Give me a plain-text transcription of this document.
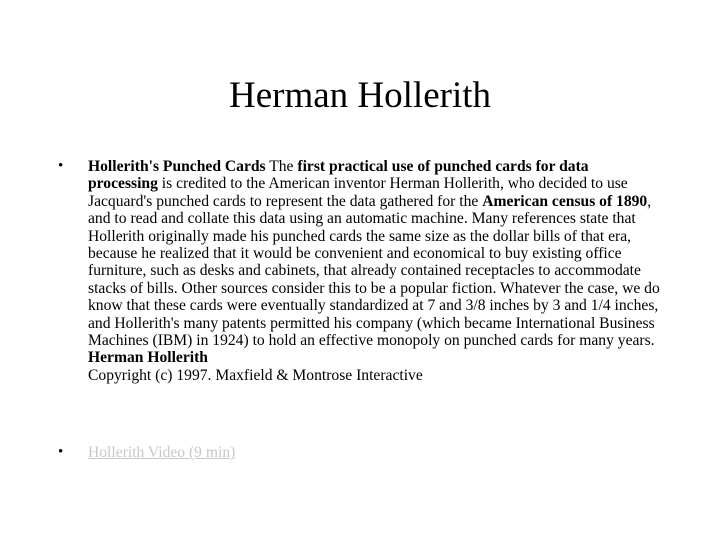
Herman Hollerith
• Hollerith's Punched Cards The first practical use of punched cards for data processing is credited to the American inventor Herman Hollerith, who decided to use Jacquard's punched cards to represent the data gathered for the American census of 1890, and to read and collate this data using an automatic machine. Many references state that Hollerith originally made his punched cards the same size as the dollar bills of that era, because he realized that it would be convenient and economical to buy existing office furniture, such as desks and cabinets, that already contained receptacles to accommodate stacks of bills. Other sources consider this to be a popular fiction. Whatever the case, we do know that these cards were eventually standardized at 7 and 3/8 inches by 3 and 1/4 inches, and Hollerith's many patents permitted his company (which became International Business Machines (IBM) in 1924) to hold an effective monopoly on punched cards for many years.

Herman Hollerith

Copyright (c) 1997. Maxfield & Montrose Interactive

• Hollerith Video (9 min)
